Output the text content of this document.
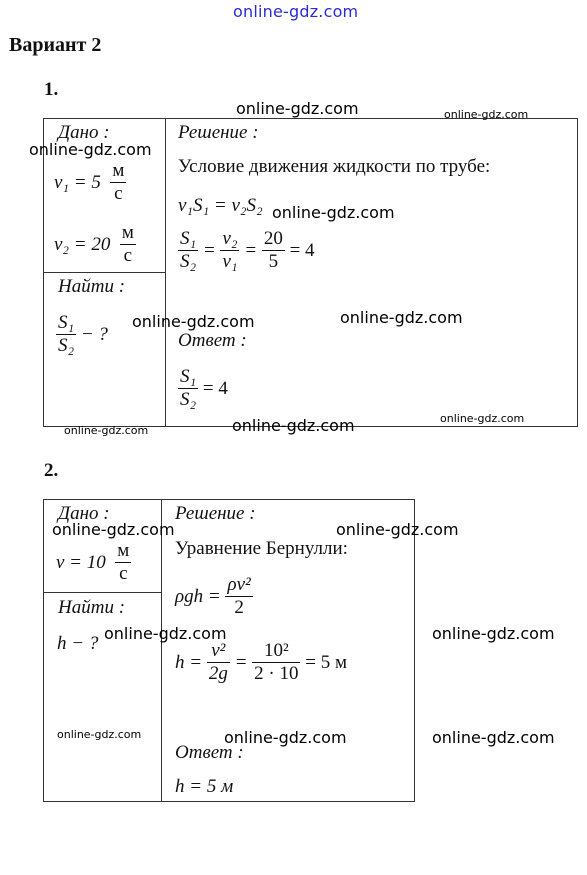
online-gdz.com
Вариант 2
1.
Дано :
v₁ = 5
$\frac{м}{с}$
v₂ = 20
$\frac{м}{с}$
Найти :
$\frac{\text{S₁}}{\text{S₂}}$
− ?
Решение :
Условие движения жидкости по трубе:
v₁S₁ = v₂S₂
$\frac{\text{S₁}}{\text{S₂}}$
=
$\frac{\text{v₂}}{\text{v₁}}$
=
$\frac{20}{5}$
= 4
Ответ :
$\frac{\text{S₁}}{\text{S₂}}$
= 4
2.
Дано :
v = 10
$\frac{м}{с}$
Найти :
h − ?
Решение :
Уравнение Бернулли:
ρgh =
$\frac{\text{ρv²}}{2}$
h =
$\frac{\text{v²}}{2g}$
=
$\frac{\text{10²}}{2 \cdot 10}$
= 5 м
Ответ :
h = 5 м
online-gdz.com	online-gdz.com
online-gdz.com
online-gdz.com
online-gdz.com	online-gdz.com
online-gdz.com
online-gdz.com
online-gdz.com
online-gdz.com	online-gdz.com
online-gdz.com	online-gdz.com
online-gdz.com	online-gdz.com	online-gdz.com
